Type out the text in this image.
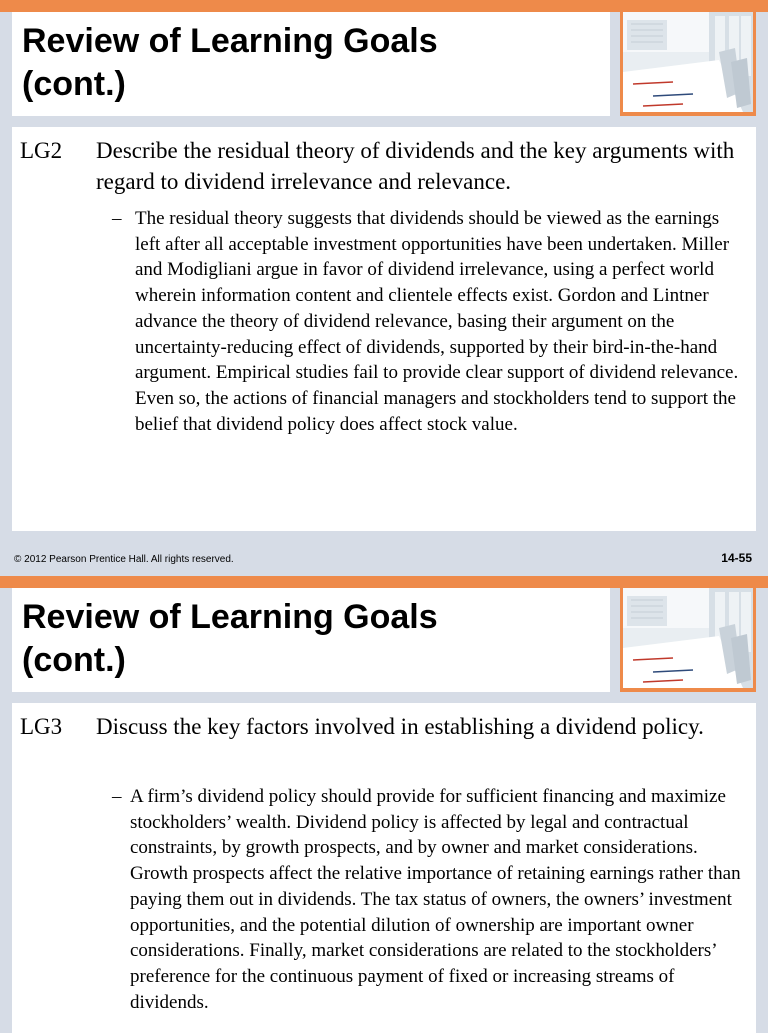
Review of Learning Goals
(cont.)
LG2 Describe the residual theory of dividends and the key arguments with regard to dividend irrelevance and relevance.
– The residual theory suggests that dividends should be viewed as the earnings left after all acceptable investment opportunities have been undertaken. Miller and Modigliani argue in favor of dividend irrelevance, using a perfect world wherein information content and clientele effects exist. Gordon and Lintner advance the theory of dividend relevance, basing their argument on the uncertainty-reducing effect of dividends, supported by their bird-in-the-hand argument. Empirical studies fail to provide clear support of dividend relevance. Even so, the actions of financial managers and stockholders tend to support the belief that dividend policy does affect stock value.
© 2012 Pearson Prentice Hall. All rights reserved.	14-55
Review of Learning Goals
(cont.)
LG3 Discuss the key factors involved in establishing a dividend policy.
– A firm’s dividend policy should provide for sufficient financing and maximize stockholders’ wealth. Dividend policy is affected by legal and contractual constraints, by growth prospects, and by owner and market considerations. Growth prospects affect the relative importance of retaining earnings rather than paying them out in dividends. The tax status of owners, the owners’ investment opportunities, and the potential dilution of ownership are important owner considerations. Finally, market considerations are related to the stockholders’ preference for the continuous payment of fixed or increasing streams of dividends.
